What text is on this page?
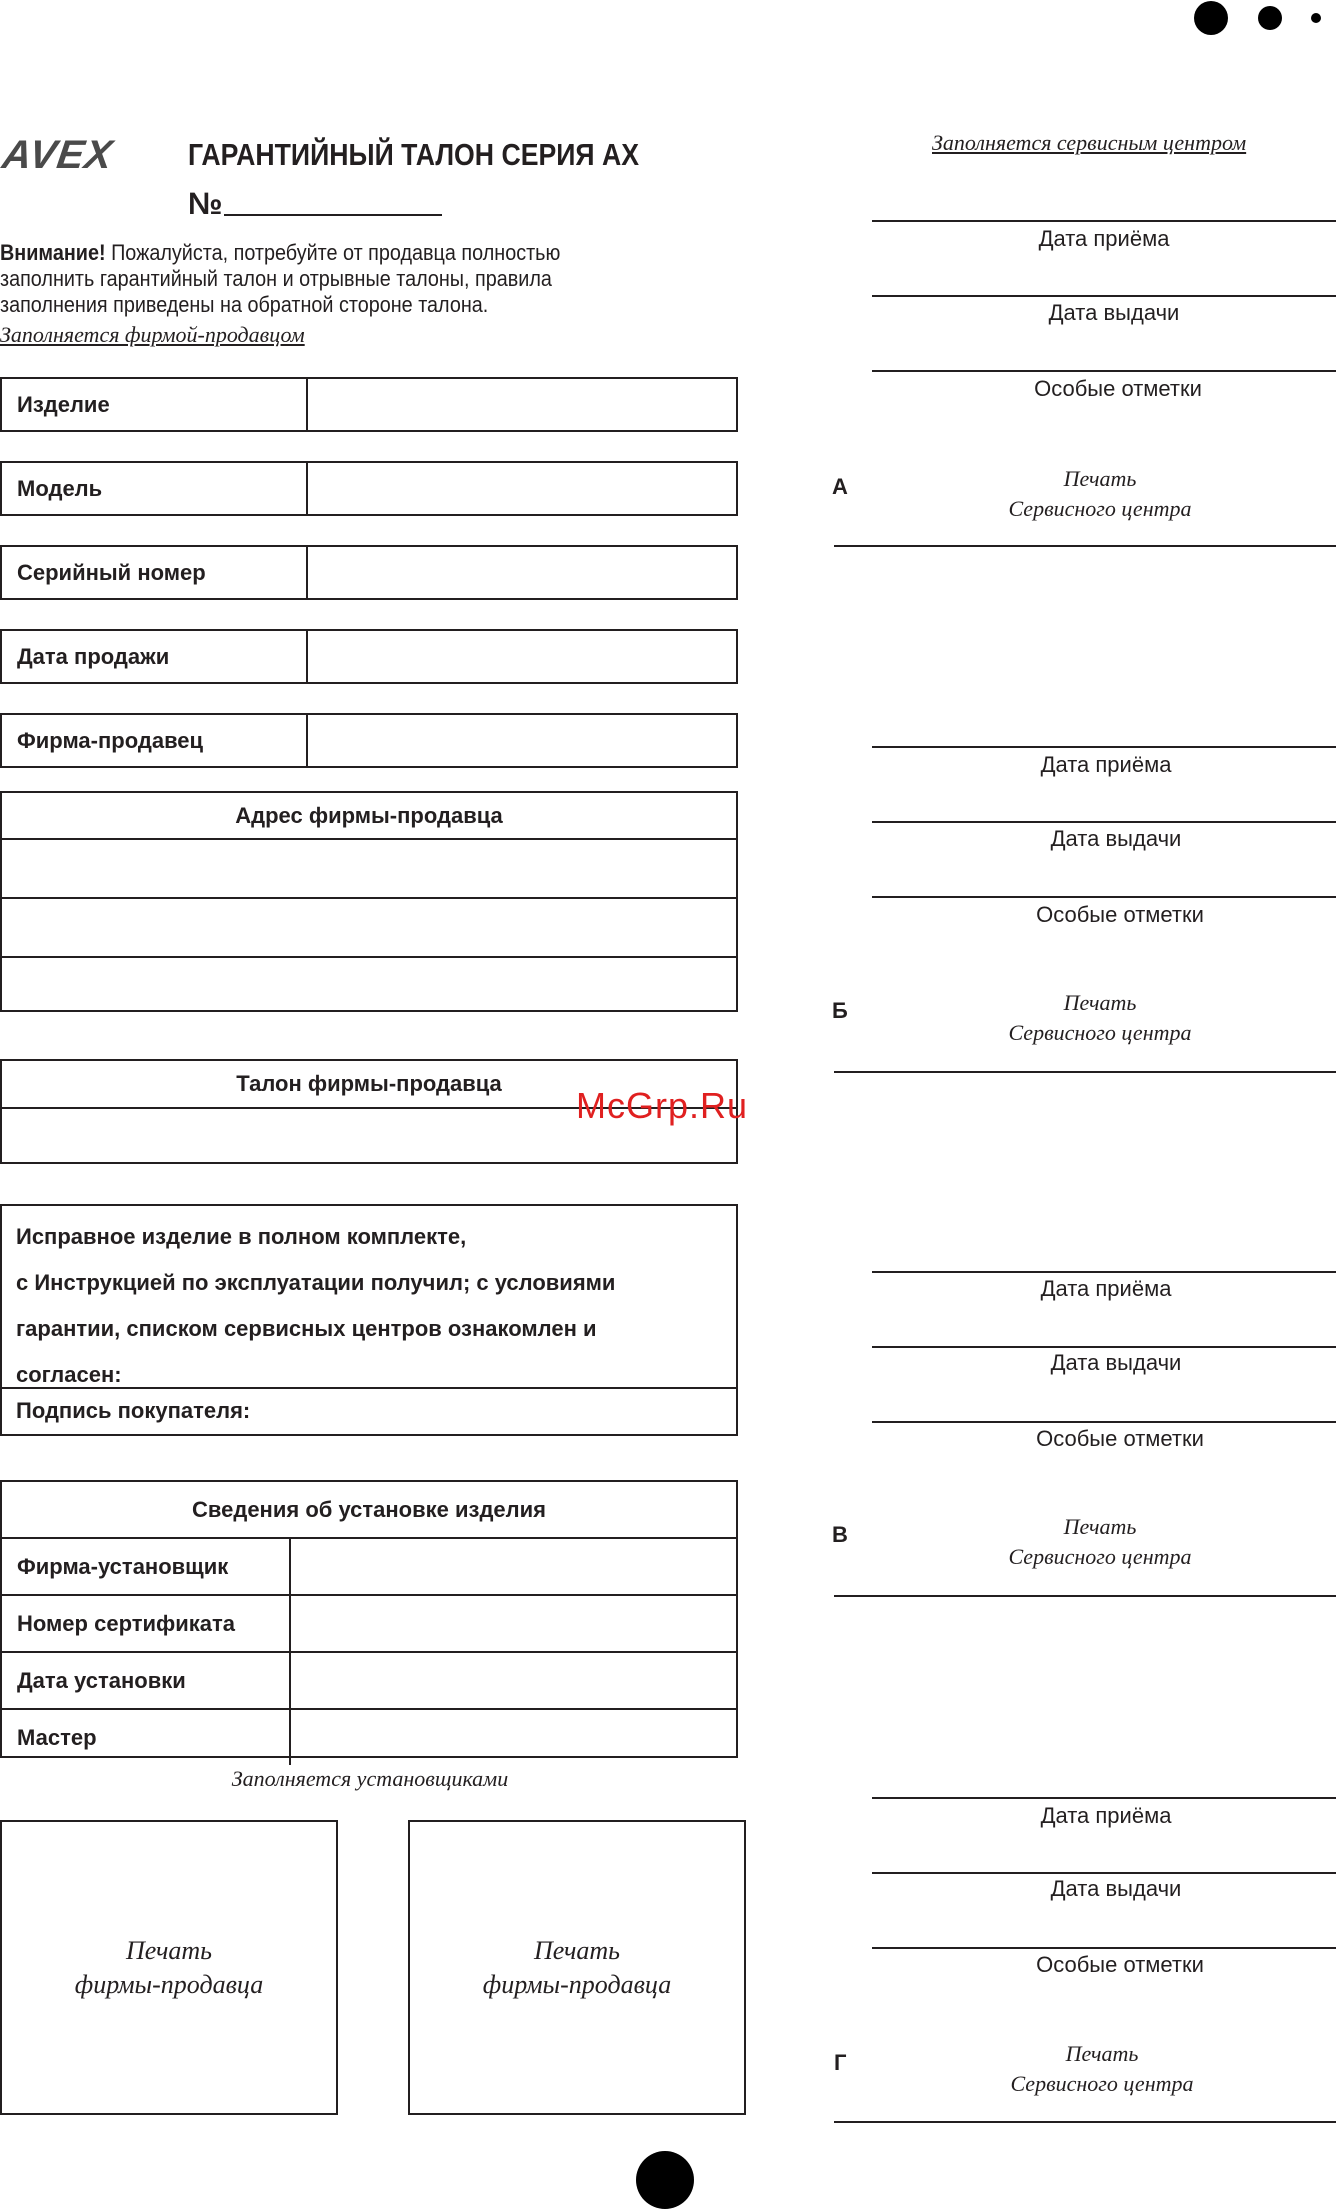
AVEX	ГАРАНТИЙНЫЙ ТАЛОН СЕРИЯ АХ
№
Внимание! Пожалуйста, потребуйте от продавца полностью заполнить гарантийный талон и отрывные талоны, правила заполнения приведены на обратной стороне талона.
Заполняется фирмой-продавцом
Изделие
Модель
Серийный номер
Дата продажи
Фирма-продавец
Адрес фирмы-продавца
Талон фирмы-продавца
Исправное изделие в полном комплекте,
с Инструкцией по эксплуатации получил; с условиями
гарантии, списком сервисных центров ознакомлен и
согласен:
Подпись покупателя:
Сведения об установке изделия
Фирма-установщик
Номер сертификата
Дата установки
Мастер
Заполняется установщиками
Печать
фирмы-продавца
Печать
фирмы-продавца
Заполняется сервисным центром
Дата приёма
Дата выдачи
Особые отметки
А	Печать
Сервисного центра
Дата приёма
Дата выдачи
Особые отметки
Б	Печать
Сервисного центра
Дата приёма
Дата выдачи
Особые отметки
В	Печать
Сервисного центра
Дата приёма
Дата выдачи
Особые отметки
Г	Печать
Сервисного центра
McGrp.Ru
